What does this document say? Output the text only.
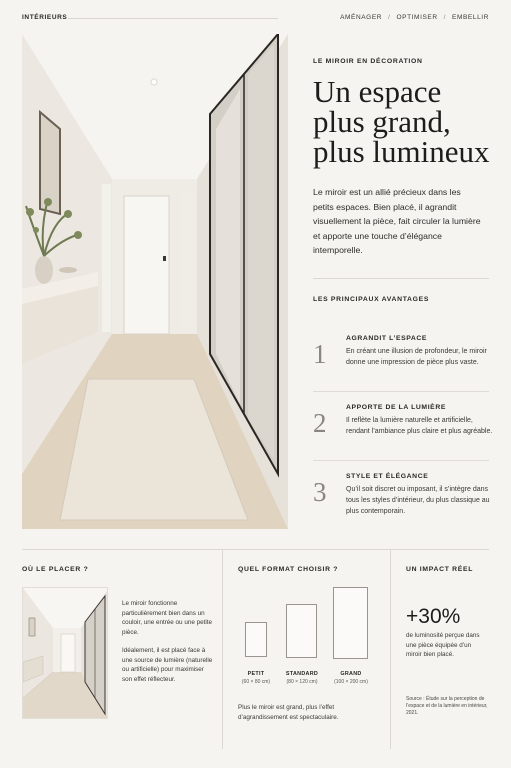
INTÉRIEURS	AMÉNAGER / OPTIMISER / EMBELLIR
LE MIROIR EN DÉCORATION
Un espace
plus grand,
plus lumineux
Le miroir est un allié précieux dans les petits espaces. Bien placé, il agrandit visuellement la pièce, fait circuler la lumière et apporte une touche d’élégance intemporelle.
LES PRINCIPAUX AVANTAGES
1
AGRANDIT L’ESPACE
En créant une illusion de profondeur, le miroir donne une impression de pièce plus vaste.
2
APPORTE DE LA LUMIÈRE
Il reflète la lumière naturelle et artificielle, rendant l’ambiance plus claire et plus agréable.
3
STYLE ET ÉLÉGANCE
Qu’il soit discret ou imposant, il s’intègre dans tous les styles d’intérieur, du plus classique au plus contemporain.
OÙ LE PLACER ?
Le miroir fonctionne particulièrement bien dans un couloir, une entrée ou une petite pièce.
Idéalement, il est placé face à une source de lumière (naturelle ou artificielle) pour maximiser son effet réflecteur.
QUEL FORMAT CHOISIR ?
PETIT
(60 × 80 cm)
STANDARD
(80 × 120 cm)
GRAND
(100 × 200 cm)
Plus le miroir est grand, plus l’effet d’agrandissement est spectaculaire.
UN IMPACT RÉEL
+30%
de luminosité perçue dans une pièce équipée d’un miroir bien placé.
Source : Étude sur la perception de l’espace et de la lumière en intérieur, 2021.
